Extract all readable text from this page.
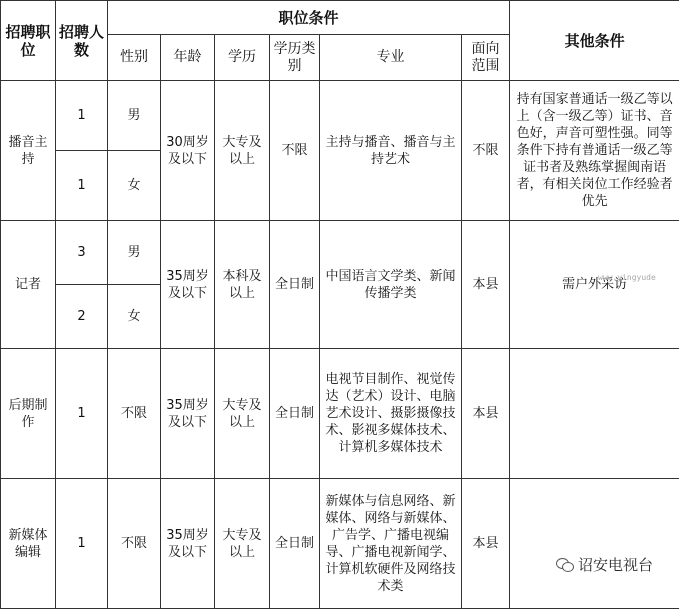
招聘职位	招聘人数	职位条件						其他条件
		性别	年龄	学历	学历类别	专业	面向范围	
播音主持	1	男	30周岁及以下	大专及以上	不限	主持与播音、播音与主持艺术	不限	持有国家普通话一级乙等以上（含一级乙等）证书、音色好，声音可塑性强。同等条件下持有普通话一级乙等证书者及熟练掌握闽南语者，有相关岗位工作经验者优先
	1	女						
记者	3	男	35周岁及以下	本科及以上	全日制	中国语言文学类、新闻传播学类	本县	需户外采访
	2	女						
后期制作	1	不限	35周岁及以下	大专及以上	全日制	电视节目制作、视觉传达（艺术）设计、电脑艺术设计、摄影摄像技术、影视多媒体技术、计算机多媒体技术	本县	
新媒体编辑	1	不限	35周岁及以下	大专及以上	全日制	新媒体与信息网络、新媒体、网络与新媒体、广告学、广播电视编导、广播电视新闻学、计算机软硬件及网络技术类	本县	
www.yingyude
诏安电视台
